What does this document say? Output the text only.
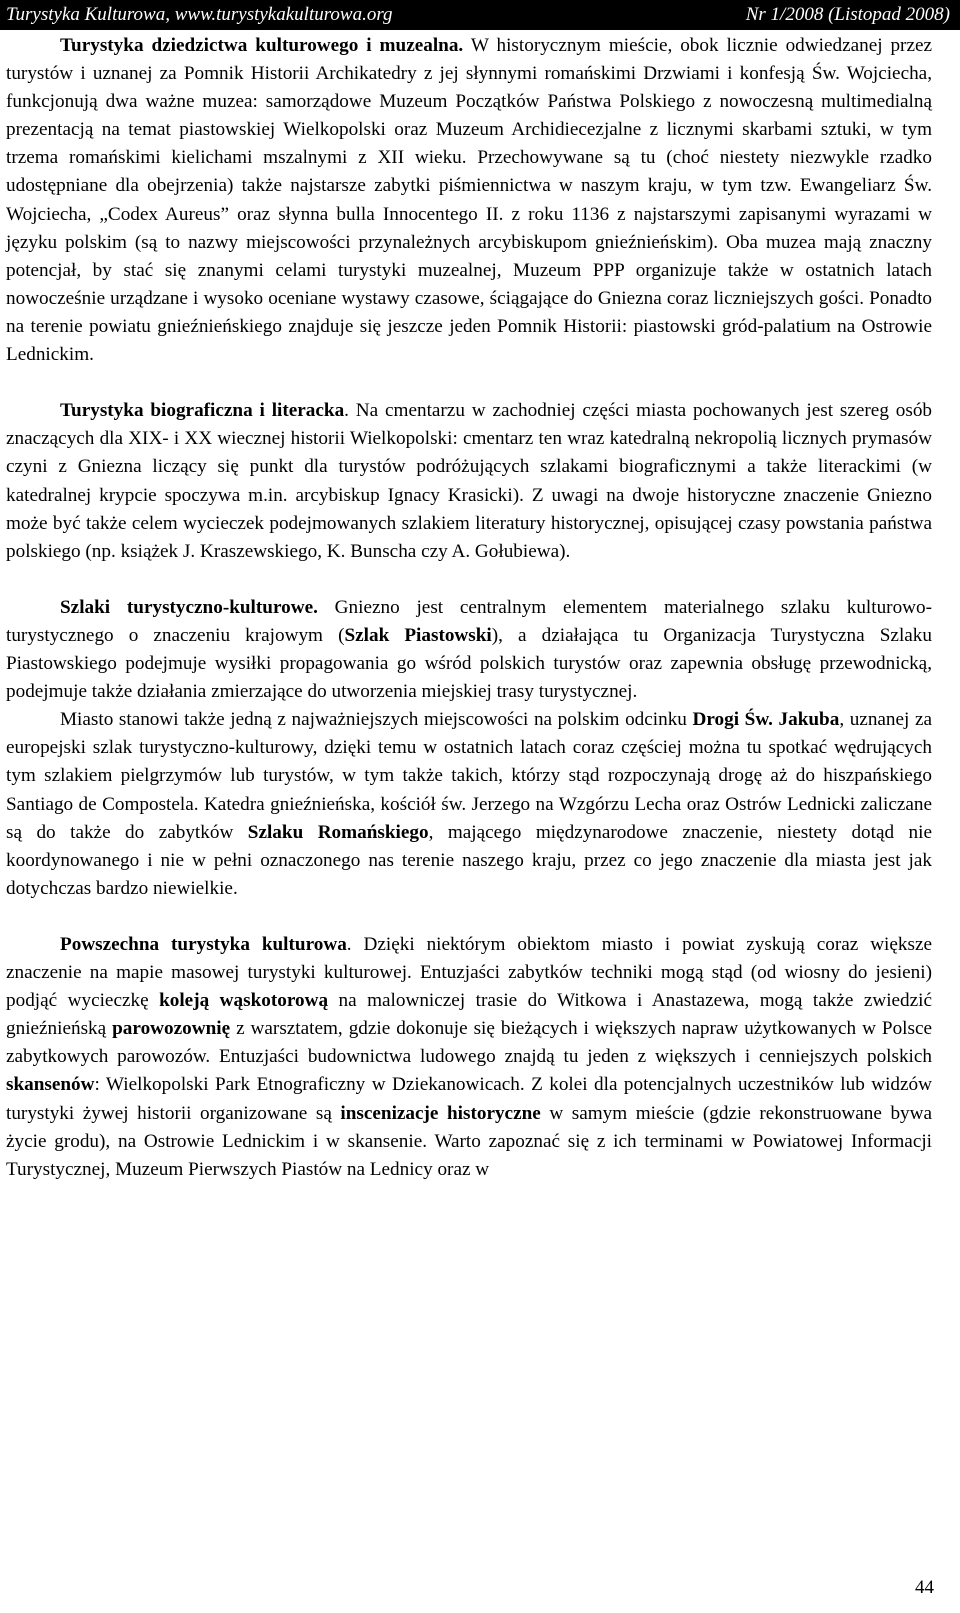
Turystyka Kulturowa, www.turystykakulturowa.org	Nr 1/2008 (Listopad 2008)

Turystyka dziedzictwa kulturowego i muzealna. W historycznym mieście, obok licznie odwiedzanej przez turystów i uznanej za Pomnik Historii Archikatedry z jej słynnymi romańskimi Drzwiami i konfesją Św. Wojciecha, funkcjonują dwa ważne muzea: samorządowe Muzeum Początków Państwa Polskiego z nowoczesną multimedialną prezentacją na temat piastowskiej Wielkopolski oraz Muzeum Archidiecezjalne z licznymi skarbami sztuki, w tym trzema romańskimi kielichami mszalnymi z XII wieku. Przechowywane są tu (choć niestety niezwykle rzadko udostępniane dla obejrzenia) także najstarsze zabytki piśmiennictwa w naszym kraju, w tym tzw. Ewangeliarz Św. Wojciecha, „Codex Aureus” oraz słynna bulla Innocentego II. z roku 1136 z najstarszymi zapisanymi wyrazami w języku polskim (są to nazwy miejscowości przynależnych arcybiskupom gnieźnieńskim). Oba muzea mają znaczny potencjał, by stać się znanymi celami turystyki muzealnej, Muzeum PPP organizuje także w ostatnich latach nowocześnie urządzane i wysoko oceniane wystawy czasowe, ściągające do Gniezna coraz liczniejszych gości. Ponadto na terenie powiatu gnieźnieńskiego znajduje się jeszcze jeden Pomnik Historii: piastowski gród-palatium na Ostrowie Lednickim.

Turystyka biograficzna i literacka. Na cmentarzu w zachodniej części miasta pochowanych jest szereg osób znaczących dla XIX- i XX wiecznej historii Wielkopolski: cmentarz ten wraz katedralną nekropolią licznych prymasów czyni z Gniezna liczący się punkt dla turystów podróżujących szlakami biograficznymi a także literackimi (w katedralnej krypcie spoczywa m.in. arcybiskup Ignacy Krasicki). Z uwagi na dwoje historyczne znaczenie Gniezno może być także celem wycieczek podejmowanych szlakiem literatury historycznej, opisującej czasy powstania państwa polskiego (np. książek J. Kraszewskiego, K. Bunscha czy A. Gołubiewa).

Szlaki turystyczno-kulturowe. Gniezno jest centralnym elementem materialnego szlaku kulturowo-turystycznego o znaczeniu krajowym (Szlak Piastowski), a działająca tu Organizacja Turystyczna Szlaku Piastowskiego podejmuje wysiłki propagowania go wśród polskich turystów oraz zapewnia obsługę przewodnicką, podejmuje także działania zmierzające do utworzenia miejskiej trasy turystycznej.

Miasto stanowi także jedną z najważniejszych miejscowości na polskim odcinku Drogi Św. Jakuba, uznanej za europejski szlak turystyczno-kulturowy, dzięki temu w ostatnich latach coraz częściej można tu spotkać wędrujących tym szlakiem pielgrzymów lub turystów, w tym także takich, którzy stąd rozpoczynają drogę aż do hiszpańskiego Santiago de Compostela. Katedra gnieźnieńska, kościół św. Jerzego na Wzgórzu Lecha oraz Ostrów Lednicki zaliczane są do także do zabytków Szlaku Romańskiego, mającego międzynarodowe znaczenie, niestety dotąd nie koordynowanego i nie w pełni oznaczonego nas terenie naszego kraju, przez co jego znaczenie dla miasta jest jak dotychczas bardzo niewielkie.

Powszechna turystyka kulturowa. Dzięki niektórym obiektom miasto i powiat zyskują coraz większe znaczenie na mapie masowej turystyki kulturowej. Entuzjaści zabytków techniki mogą stąd (od wiosny do jesieni) podjąć wycieczkę koleją wąskotorową na malowniczej trasie do Witkowa i Anastazewa, mogą także zwiedzić gnieźnieńską parowozownię z warsztatem, gdzie dokonuje się bieżących i większych napraw użytkowanych w Polsce zabytkowych parowozów. Entuzjaści budownictwa ludowego znajdą tu jeden z większych i cenniejszych polskich skansenów: Wielkopolski Park Etnograficzny w Dziekanowicach. Z kolei dla potencjalnych uczestników lub widzów turystyki żywej historii organizowane są inscenizacje historyczne w samym mieście (gdzie rekonstruowane bywa życie grodu), na Ostrowie Lednickim i w skansenie. Warto zapoznać się z ich terminami w Powiatowej Informacji Turystycznej, Muzeum Pierwszych Piastów na Lednicy oraz w

44
